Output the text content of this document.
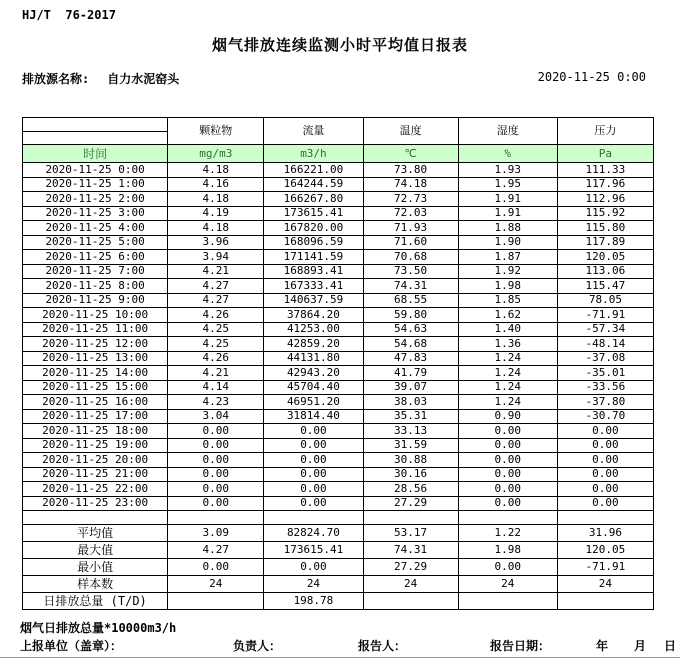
HJ/T  76-2017
烟气排放连续监测小时平均值日报表
排放源名称: 自力水泥窑头	2020-11-25 0:00
	颗粒物	流量	温度	湿度	压力

时间	mg/m3	m3/h	℃	%	Pa
2020-11-25 0:00	4.18	166221.00	73.80	1.93	111.33
2020-11-25 1:00	4.16	164244.59	74.18	1.95	117.96
2020-11-25 2:00	4.18	166267.80	72.73	1.91	112.96
2020-11-25 3:00	4.19	173615.41	72.03	1.91	115.92
2020-11-25 4:00	4.18	167820.00	71.93	1.88	115.80
2020-11-25 5:00	3.96	168096.59	71.60	1.90	117.89
2020-11-25 6:00	3.94	171141.59	70.68	1.87	120.05
2020-11-25 7:00	4.21	168893.41	73.50	1.92	113.06
2020-11-25 8:00	4.27	167333.41	74.31	1.98	115.47
2020-11-25 9:00	4.27	140637.59	68.55	1.85	78.05
2020-11-25 10:00	4.26	37864.20	59.80	1.62	-71.91
2020-11-25 11:00	4.25	41253.00	54.63	1.40	-57.34
2020-11-25 12:00	4.25	42859.20	54.68	1.36	-48.14
2020-11-25 13:00	4.26	44131.80	47.83	1.24	-37.08
2020-11-25 14:00	4.21	42943.20	41.79	1.24	-35.01
2020-11-25 15:00	4.14	45704.40	39.07	1.24	-33.56
2020-11-25 16:00	4.23	46951.20	38.03	1.24	-37.80
2020-11-25 17:00	3.04	31814.40	35.31	0.90	-30.70
2020-11-25 18:00	0.00	0.00	33.13	0.00	0.00
2020-11-25 19:00	0.00	0.00	31.59	0.00	0.00
2020-11-25 20:00	0.00	0.00	30.88	0.00	0.00
2020-11-25 21:00	0.00	0.00	30.16	0.00	0.00
2020-11-25 22:00	0.00	0.00	28.56	0.00	0.00
2020-11-25 23:00	0.00	0.00	27.29	0.00	0.00

平均值	3.09	82824.70	53.17	1.22	31.96
最大值	4.27	173615.41	74.31	1.98	120.05
最小值	0.00	0.00	27.29	0.00	-71.91
样本数	24	24	24	24	24
日排放总量 (T/D)		198.78			
烟气日排放总量*10000m3/h
上报单位（盖章）：	负责人：	报告人：	报告日期：	年 月 日
